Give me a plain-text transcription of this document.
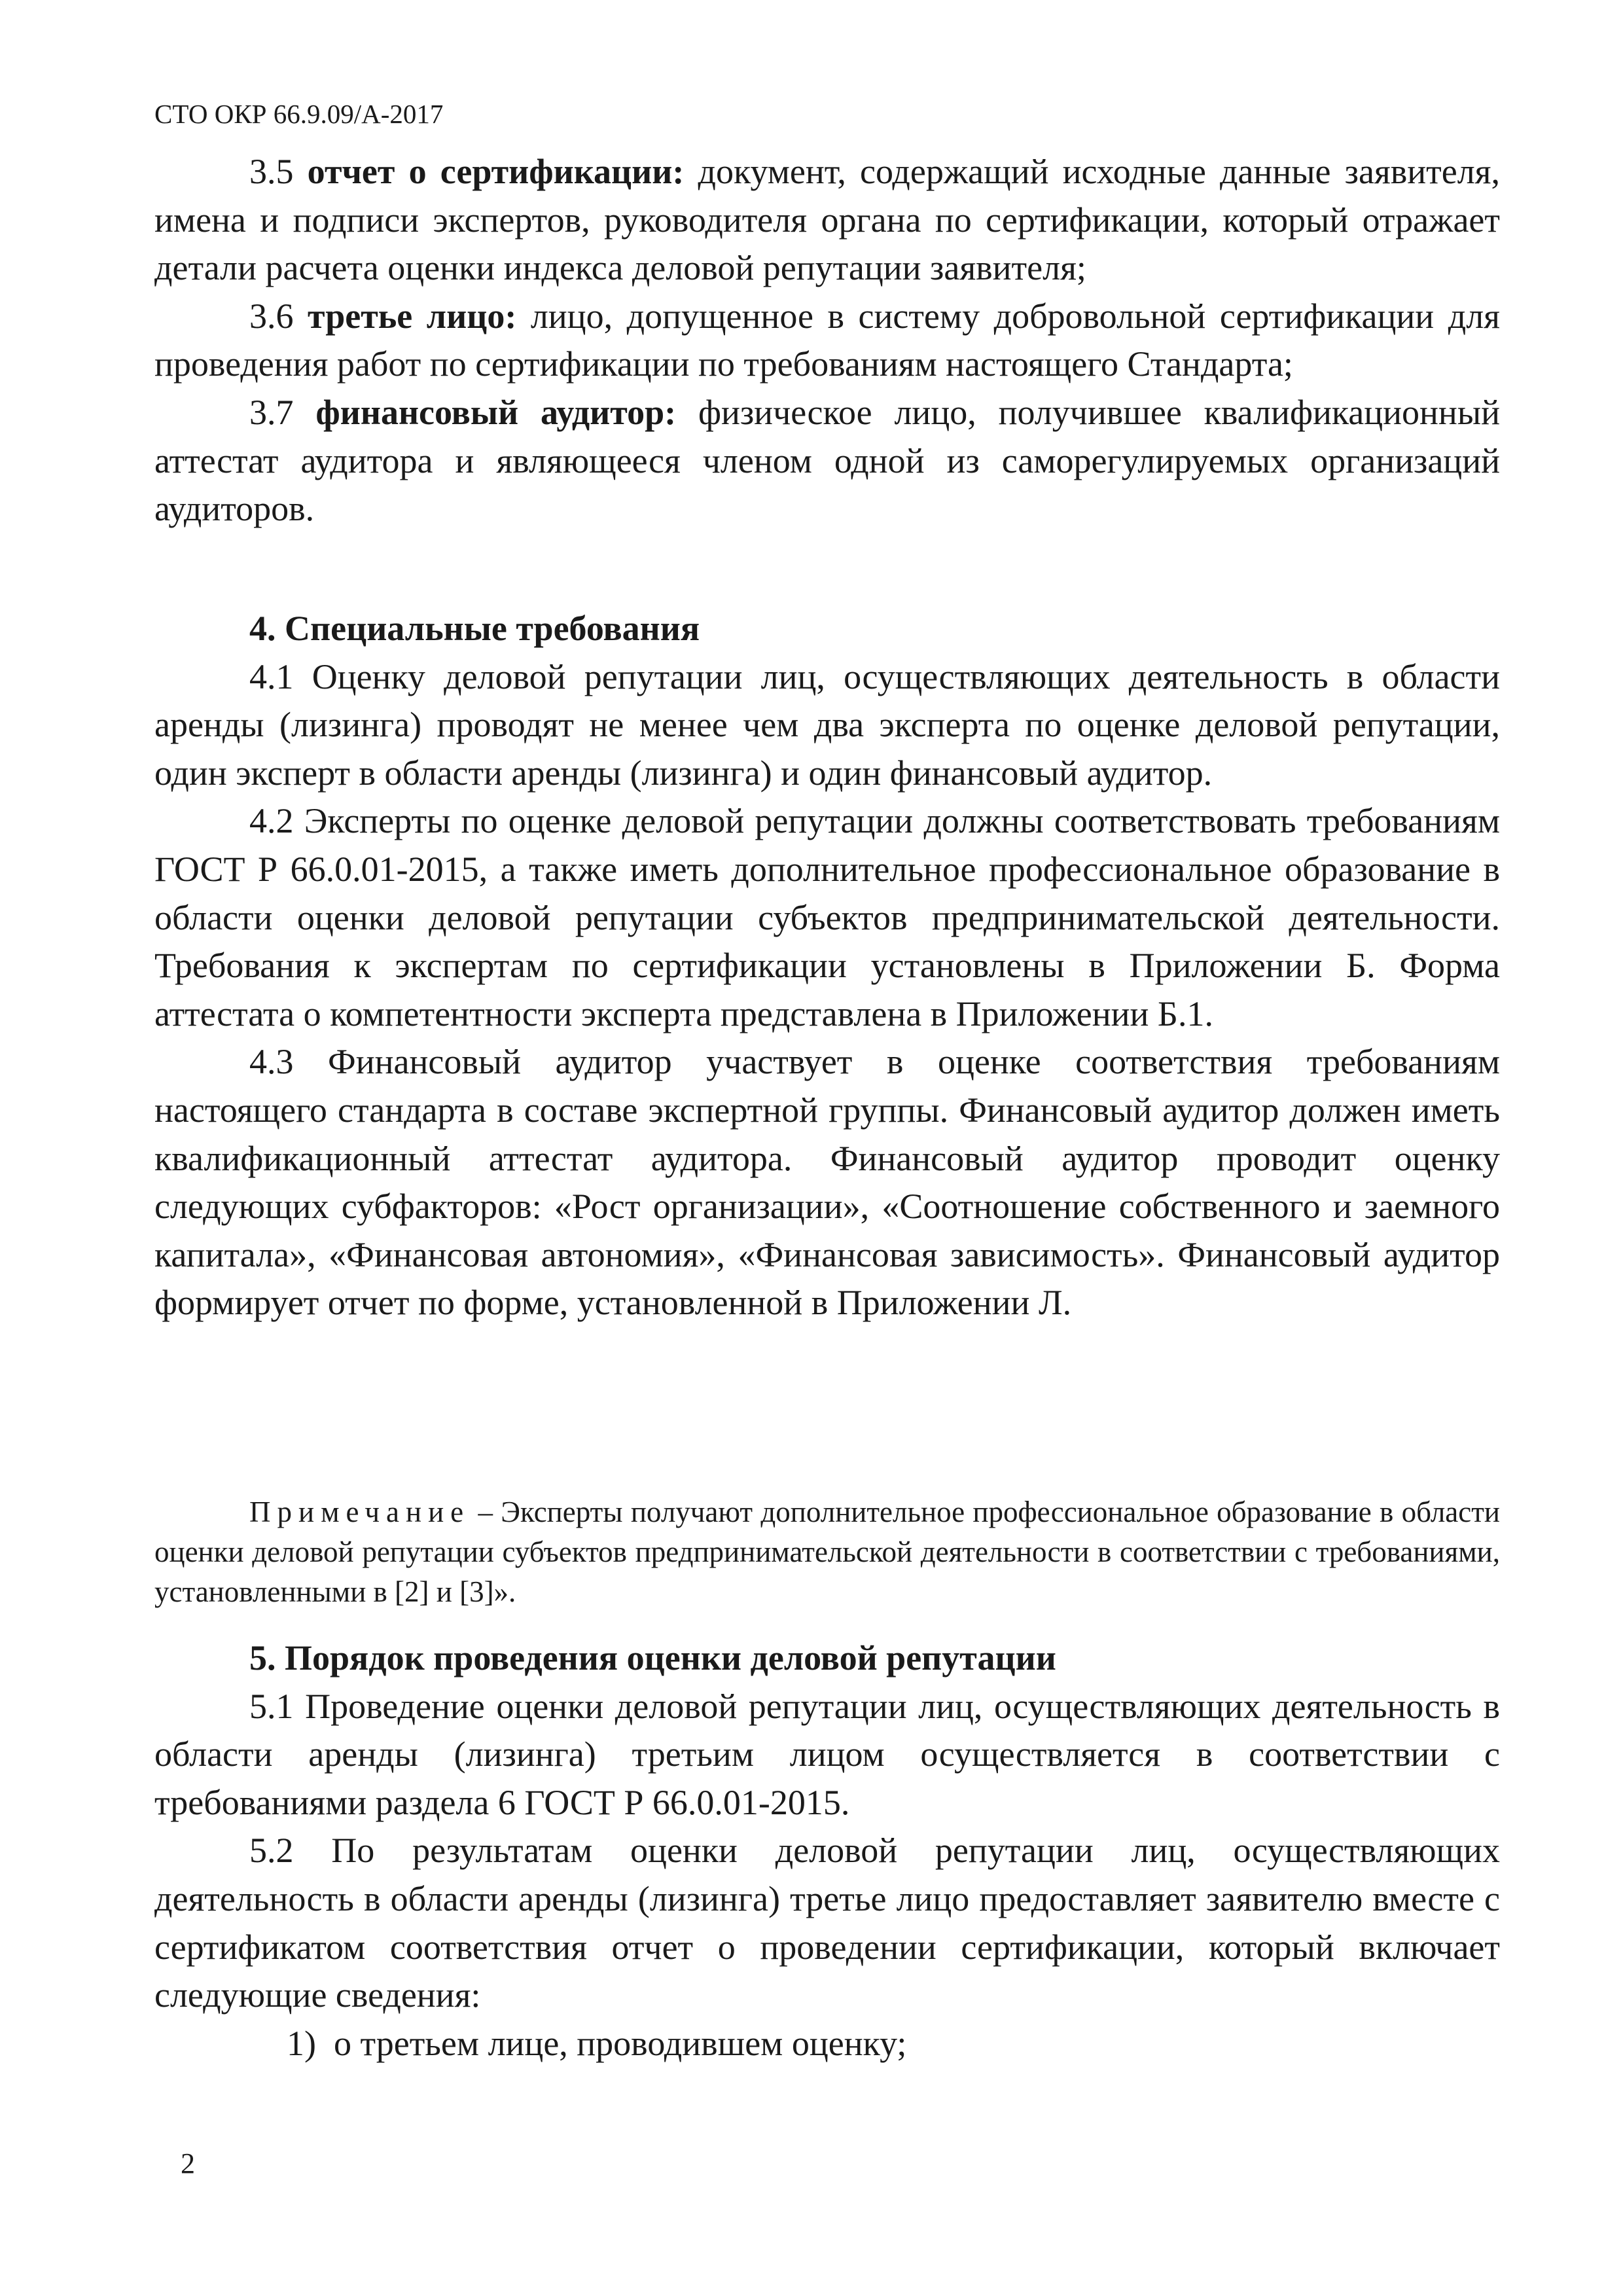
СТО ОКР 66.9.09/А-2017

3.5 отчет о сертификации: документ, содержащий исходные данные заявителя, имена и подписи экспертов, руководителя органа по сертификации, который отражает детали расчета оценки индекса деловой репутации заявителя;

3.6 третье лицо: лицо, допущенное в систему добровольной сертификации для проведения работ по сертификации по требованиям настоящего Стандарта;

3.7 финансовый аудитор: физическое лицо, получившее квалификационный аттестат аудитора и являющееся членом одной из саморегулируемых организаций аудиторов.

4. Специальные требования

4.1 Оценку деловой репутации лиц, осуществляющих деятельность в области аренды (лизинга) проводят не менее чем два эксперта по оценке деловой репутации, один эксперт в области аренды (лизинга) и один финансовый аудитор.

4.2 Эксперты по оценке деловой репутации должны соответствовать требованиям ГОСТ Р 66.0.01-2015, а также иметь дополнительное профессиональное образование в области оценки деловой репутации субъектов предпринимательской деятельности. Требования к экспертам по сертификации установлены в Приложении Б. Форма аттестата о компетентности эксперта представлена в Приложении Б.1.

4.3 Финансовый аудитор участвует в оценке соответствия требованиям настоящего стандарта в составе экспертной группы. Финансовый аудитор должен иметь квалификационный аттестат аудитора. Финансовый аудитор проводит оценку следующих субфакторов: «Рост организации», «Соотношение собственного и заемного капитала», «Финансовая автономия», «Финансовая зависимость». Финансовый аудитор формирует отчет по форме, установленной в Приложении Л.

Примечание – Эксперты получают дополнительное профессиональное образование в области оценки деловой репутации субъектов предпринимательской деятельности в соответствии с требованиями, установленными в [2] и [3]».

5. Порядок проведения оценки деловой репутации

5.1 Проведение оценки деловой репутации лиц, осуществляющих деятельность в области аренды (лизинга) третьим лицом осуществляется в соответствии с требованиями раздела 6 ГОСТ Р 66.0.01-2015.

5.2 По результатам оценки деловой репутации лиц, осуществляющих деятельность в области аренды (лизинга) третье лицо предоставляет заявителю вместе с сертификатом соответствия отчет о проведении сертификации, который включает следующие сведения:

1) о третьем лице, проводившем оценку;

2
